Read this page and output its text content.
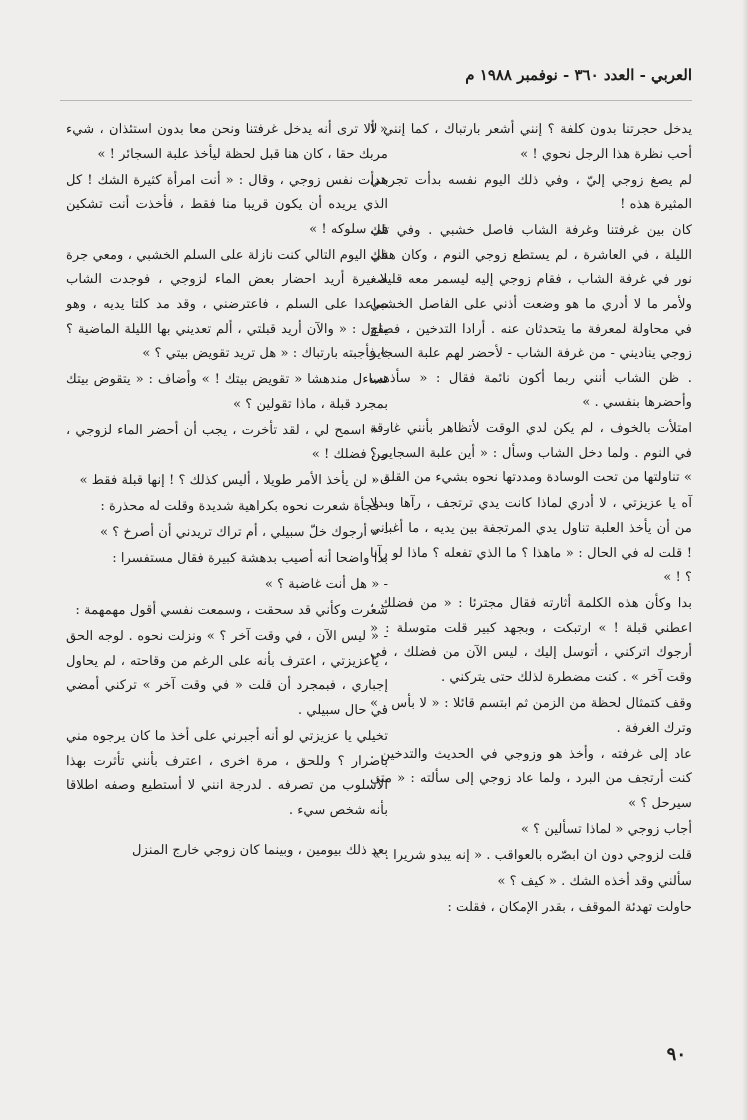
العربي - العدد ٣٦٠ - نوفمبر ١٩٨٨ م

يدخل حجرتنا بدون كلفة ؟ إنني أشعر بارتباك ، كما إنني لا أحب نظرة هذا الرجل نحوي ! »

لم يصغ زوجي إليّ ، وفي ذلك اليوم نفسه بدأت تجربتي المثيرة هذه !

كان بين غرفتنا وغرفة الشاب فاصل خشبي . وفي تلك الليلة ، في العاشرة ، لم يستطع زوجي النوم ، وكان هناك نور في غرفة الشاب ، فقام زوجي إليه ليسمر معه قليلا ، ولأمر ما لا أدري ما هو وضعت أذني على الفاصل الخشبي في محاولة لمعرفة ما يتحدثان عنه . أرادا التدخين ، فصاح زوجي يناديني - من غرفة الشاب - لأحضر لهم علبة السجاير . ظن الشاب أنني ربما أكون نائمة فقال : « سأذهب وأحضرها بنفسي . »

امتلأت بالخوف ، لم يكن لدي الوقت لأتظاهر بأنني غارقة في النوم . ولما دخل الشاب وسأل : « أين علبة السجاير ؟ » تناولتها من تحت الوسادة ومددتها نحوه بشيء من القلق .

آه يا عزيزتي ، لا أدري لماذا كانت يدي ترتجف ، رآها وبدلا من أن يأخذ العلبة تناول يدي المرتجفة بين يديه ، ما أغباني ! قلت له في الحال : « ماهذا ؟ ما الذي تفعله ؟ ماذا لو رآنا ؟ ! »

بدا وكأن هذه الكلمة أثارته فقال مجترئا : « من فضلك ، اعطني قبلة ! » ارتبكت ، وبجهد كبير قلت متوسلة : « أرجوك اتركني ، أتوسل إليك ، ليس الآن من فضلك ، في وقت آخر » . كنت مضطرة لذلك حتى يتركني .

وقف كتمثال لحظة من الزمن ثم ابتسم قائلا : « لا بأس . » وترك الغرفة .

عاد إلى غرفته ، وأخذ هو وزوجي في الحديث والتدخين . كنت أرتجف من البرد ، ولما عاد زوجي إلى سألته : « متى سيرحل ؟ »

أجاب زوجي « لماذا تسألين ؟ »

قلت لزوجي دون ان ابصّره بالعواقب . « إنه يبدو شريرا . »

سألني وقد أخذه الشك . « كيف ؟ »

حاولت تهدئة الموقف ، بقدر الإمكان ، فقلت :

« ألا ترى أنه يدخل غرفتنا ونحن معا بدون استئذان ، شيء مربك حقا ، كان هنا قبل لحظة ليأخذ علبة السجائر ! »

هدأت نفس زوجي ، وقال : « أنت امرأة كثيرة الشك ! كل الذي يريده أن يكون قريبا منا فقط ، فأخذت أنت تشكين في سلوكه ! »

في اليوم التالي كنت نازلة على السلم الخشبي ، ومعي جرة صغيرة أريد احضار بعض الماء لزوجي ، فوجدت الشاب صاعدا على السلم ، فاعترضني ، وقد مد كلتا يديه ، وهو يقول : « والآن أريد قبلتي ، ألم تعديني بها الليلة الماضية ؟ » فأجبته بارتباك : « هل تريد تقويض بيتي ؟ »

تساءل مندهشا « تقويض بيتك ! » وأضاف : « يتقوض بيتك بمجرد قبلة ، ماذا تقولين ؟ »

- « اسمح لي ، لقد تأخرت ، يجب أن أحضر الماء لزوجي ، من فضلك ! »

- « لن يأخذ الأمر طويلا ، أليس كذلك ؟ ! إنها قبلة فقط »

- فجأة شعرت نحوه بكراهية شديدة وقلت له محذرة :

- « أرجوك خلّ سبيلي ، أم تراك تريدني أن أصرخ ؟ »

بدا واضحا أنه أصيب بدهشة كبيرة فقال مستفسرا :

- « هل أنت غاضبة ؟ »

شعرت وكأني قد سحقت ، وسمعت نفسي أقول مهمهمة :

- « ليس الآن ، في وقت آخر ؟ » ونزلت نحوه . لوجه الحق ، ياعزيزتي ، اعترف بأنه على الرغم من وقاحته ، لم يحاول إجباري ، فبمجرد أن قلت « في وقت آخر » تركني أمضي في حال سبيلي .

تخيلي يا عزيزتي لو أنه أجبرني على أخذ ما كان يرجوه مني باصرار ؟ وللحق ، مرة اخرى ، اعترف بأنني تأثرت بهذا الأسلوب من تصرفه . لدرجة انني لا أستطيع وصفه اطلاقا بأنه شخص سيء .

بعد ذلك بيومين ، وبينما كان زوجي خارج المنزل

٩٠
